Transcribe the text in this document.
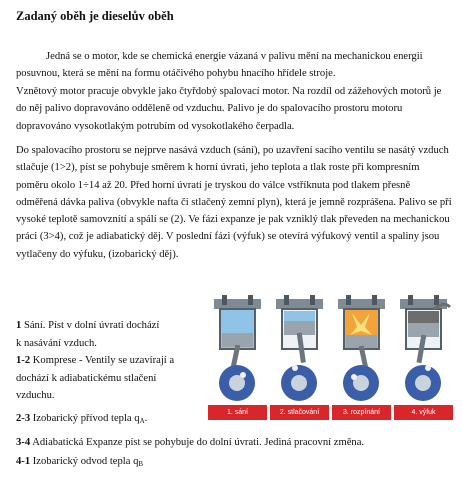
Zadaný oběh je dieselův oběh

Jedná se o motor, kde se chemická energie vázaná v palivu mění na mechanickou energii posuvnou, která se mění na formu otáčivého pohybu hnacího hřídele stroje.

Vznětový motor pracuje obvykle jako čtyřdobý spalovací motor. Na rozdíl od zážehových motorů je do něj palivo dopravováno odděleně od vzduchu. Palivo je do spalovacího prostoru motoru dopravováno vysokotlakým potrubím od vysokotlakého čerpadla.

Do spalovacího prostoru se nejprve nasává vzduch (sání), po uzavření sacího ventilu se nasátý vzduch stlačuje (1>2), píst se pohybuje směrem k horní úvrati, jeho teplota a tlak roste při kompresním poměru okolo 1÷14 až 20. Před horní úvratí je tryskou do válce vstříknuta pod tlakem přesně odměřená dávka paliva (obvykle nafta či stlačený zemní plyn), která je jemně rozprášena. Palivo se při vysoké teplotě samovznítí a spálí se (2). Ve fázi expanze je pak vzniklý tlak převeden na mechanickou práci (3>4), což je adiabatický děj. V poslední fázi (výfuk) se otevírá výfukový ventil a spaliny jsou vytlačeny do výfuku, (izobarický děj).

1 Sání. Píst v dolní úvrati dochází
k nasávání vzduch.
1-2 Komprese - Ventily se uzavírají a
dochází k adiabatickému stlačení
vzduchu.
2-3 Izobarický přívod tepla $q_A$.
3-4 Adiabatická Expanze píst se pohybuje do dolní úvrati. Jediná pracovní změna.
4-1 Izobarický odvod tepla $q_B$
1. sání	2. stlačování	3. rozpínání	4. výfuk
